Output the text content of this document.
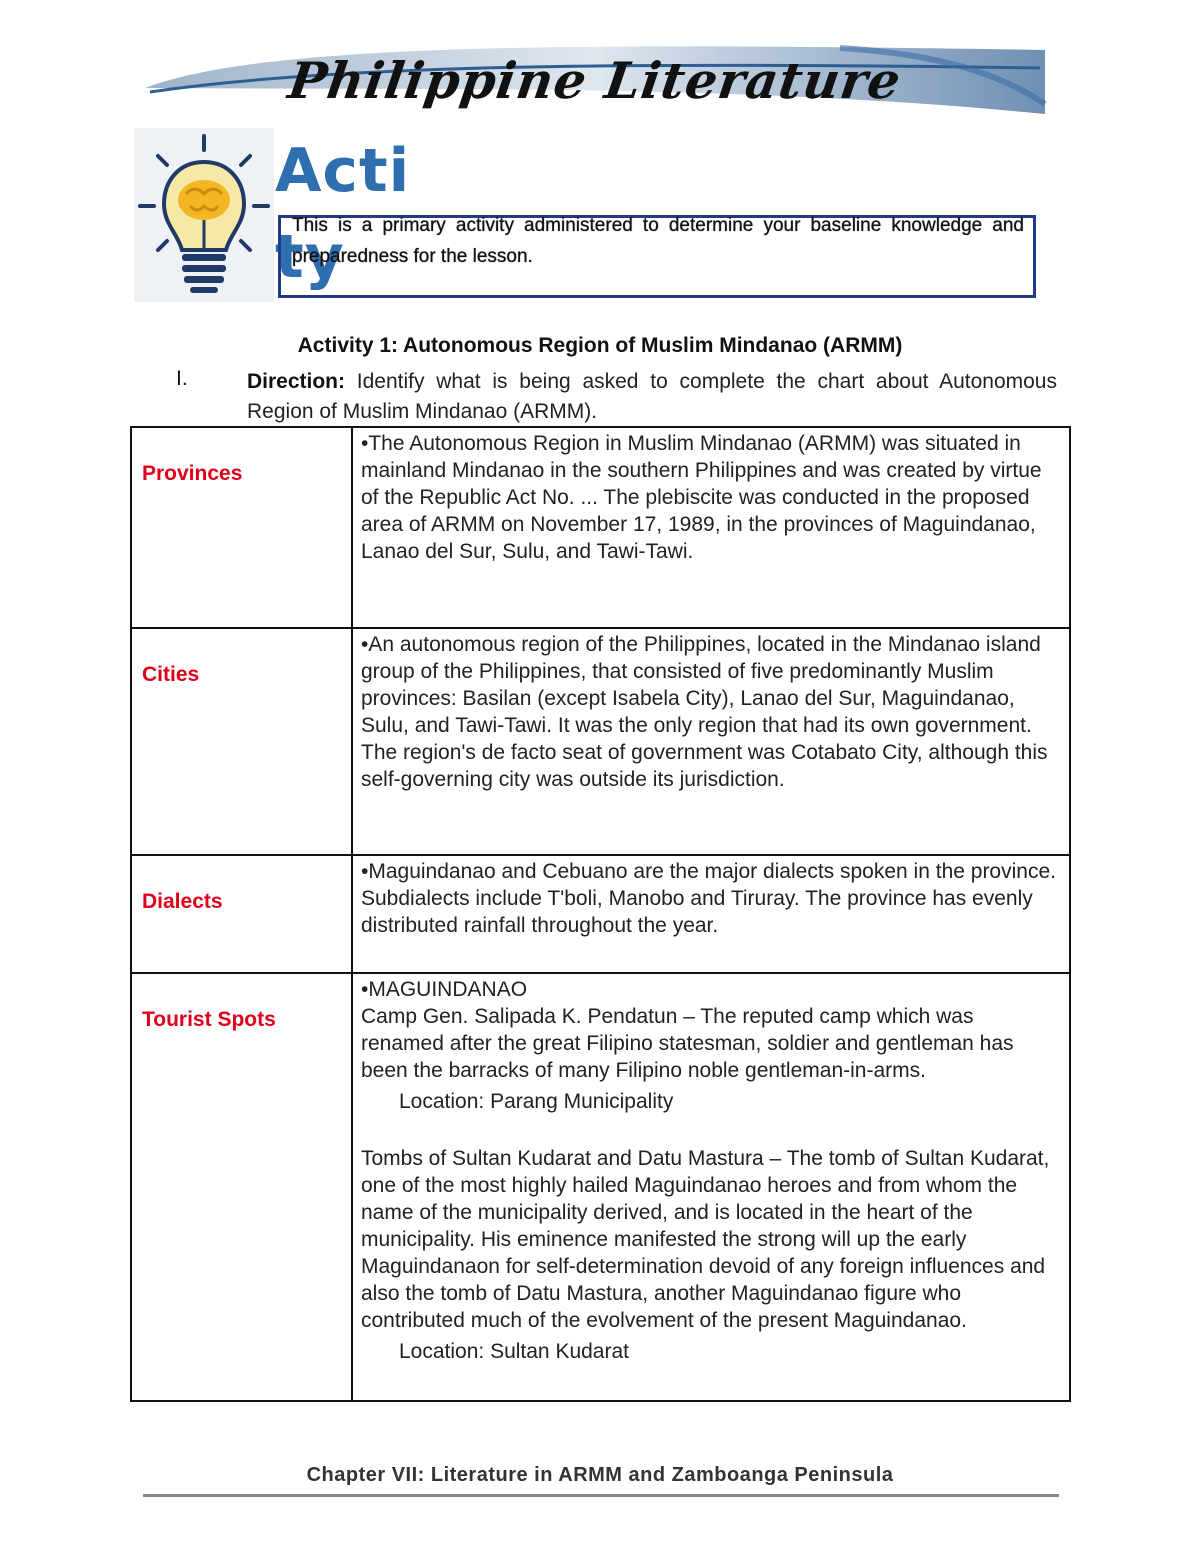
Philippine Literature
Acti
ty
This is a primary activity administered to determine your baseline knowledge and preparedness for the lesson.
Activity 1: Autonomous Region of Muslim Mindanao (ARMM)
I.	Direction: Identify what is being asked to complete the chart about Autonomous Region of Muslim Mindanao (ARMM).
Provinces	•The Autonomous Region in Muslim Mindanao (ARMM) was situated in mainland Mindanao in the southern Philippines and was created by virtue of the Republic Act No. ... The plebiscite was conducted in the proposed area of ARMM on November 17, 1989, in the provinces of Maguindanao, Lanao del Sur, Sulu, and Tawi-Tawi.
Cities	•An autonomous region of the Philippines, located in the Mindanao island group of the Philippines, that consisted of five predominantly Muslim provinces: Basilan (except Isabela City), Lanao del Sur, Maguindanao, Sulu, and Tawi-Tawi. It was the only region that had its own government. The region's de facto seat of government was Cotabato City, although this self-governing city was outside its jurisdiction.
Dialects	•Maguindanao and Cebuano are the major dialects spoken in the province. Subdialects include T'boli, Manobo and Tiruray. The province has evenly distributed rainfall throughout the year.
Tourist Spots	•MAGUINDANAO
Camp Gen. Salipada K. Pendatun – The reputed camp which was renamed after the great Filipino statesman, soldier and gentleman has been the barracks of many Filipino noble gentleman-in-arms.
Location: Parang Municipality
Tombs of Sultan Kudarat and Datu Mastura – The tomb of Sultan Kudarat, one of the most highly hailed Maguindanao heroes and from whom the name of the municipality derived, and is located in the heart of the municipality. His eminence manifested the strong will up the early Maguindanaon for self-determination devoid of any foreign influences and also the tomb of Datu Mastura, another Maguindanao figure who contributed much of the evolvement of the present Maguindanao.
Location: Sultan Kudarat
Chapter VII: Literature in ARMM and Zamboanga Peninsula
